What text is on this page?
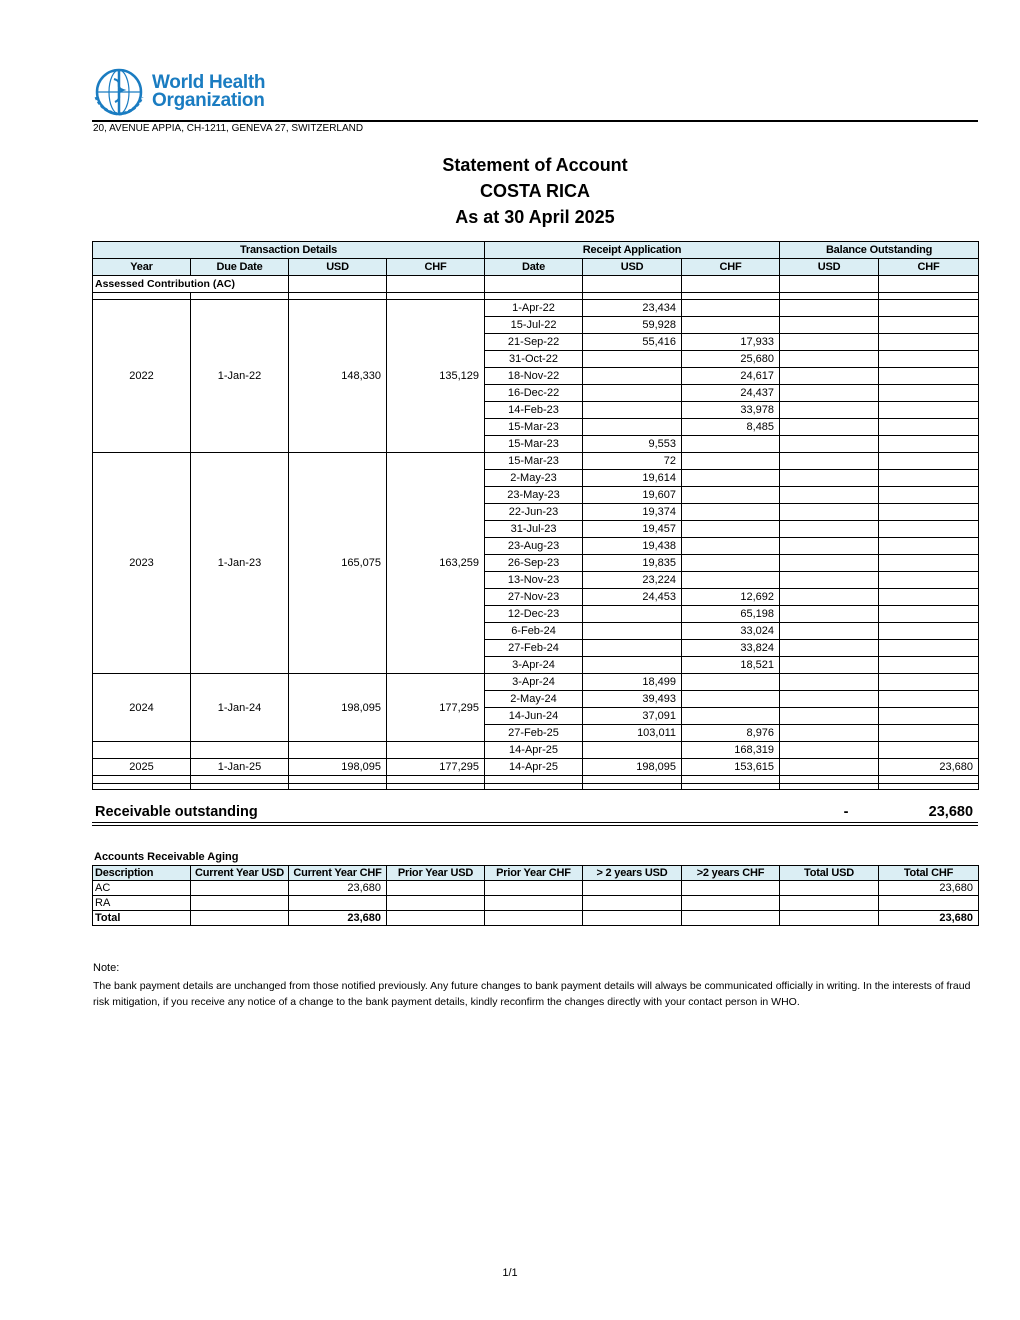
World Health
Organization
20, AVENUE APPIA, CH-1211, GENEVA 27, SWITZERLAND
Statement of Account
COSTA RICA
As at 30 April 2025
Transaction Details				Receipt Application			Balance Outstanding	
Year	Due Date	USD	CHF	Date	USD	CHF	USD	CHF
Assessed Contribution (AC)								

2022	1-Jan-22	148,330	135,129	1-Apr-22	23,434			
				15-Jul-22	59,928			
				21-Sep-22	55,416	17,933		
				31-Oct-22		25,680		
				18-Nov-22		24,617		
				16-Dec-22		24,437		
				14-Feb-23		33,978		
				15-Mar-23		8,485		
				15-Mar-23	9,553			
2023	1-Jan-23	165,075	163,259	15-Mar-23	72			
				2-May-23	19,614			
				23-May-23	19,607			
				22-Jun-23	19,374			
				31-Jul-23	19,457			
				23-Aug-23	19,438			
				26-Sep-23	19,835			
				13-Nov-23	23,224			
				27-Nov-23	24,453	12,692		
				12-Dec-23		65,198		
				6-Feb-24		33,024		
				27-Feb-24		33,824		
				3-Apr-24		18,521		
2024	1-Jan-24	198,095	177,295	3-Apr-24	18,499			
				2-May-24	39,493			
				14-Jun-24	37,091			
				27-Feb-25	103,011	8,976		
				14-Apr-25		168,319		
2025	1-Jan-25	198,095	177,295	14-Apr-25	198,095	153,615		23,680

Receivable outstanding	-	23,680
Accounts Receivable Aging
Description	Current Year USD	Current Year CHF	Prior Year USD	Prior Year CHF	> 2 years USD	>2 years CHF	Total USD	Total CHF
AC		23,680						23,680
RA								
Total		23,680						23,680
Note:
The bank payment details are unchanged from those notified previously. Any future changes to bank payment details will always be communicated officially in writing. In the interests of fraud risk mitigation, if you receive any notice of a change to the bank payment details, kindly reconfirm the changes directly with your contact person in WHO.
1/1
